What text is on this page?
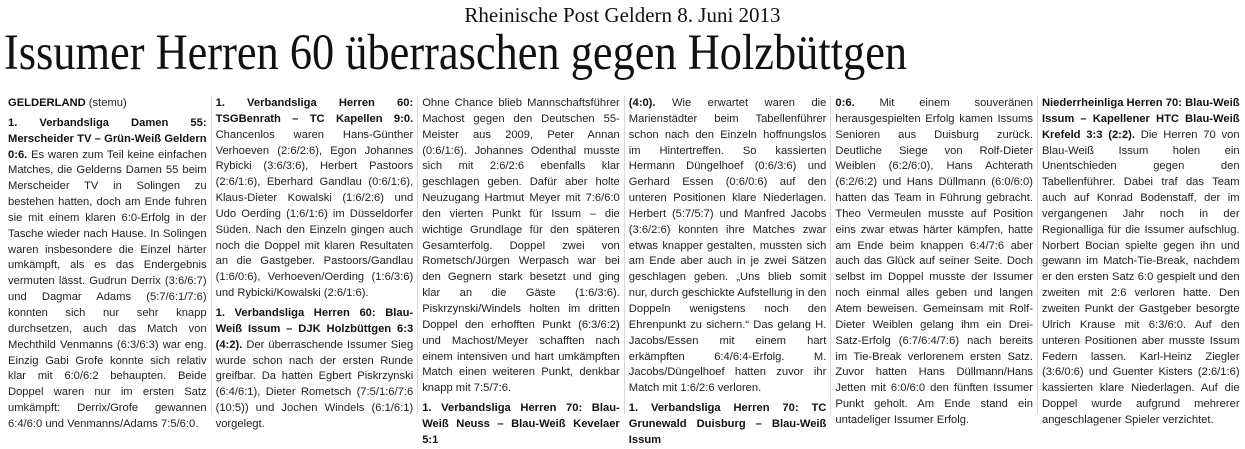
Rheinische Post Geldern 8. Juni 2013
Issumer Herren 60 überraschen gegen Holzbüttgen
GELDERLAND (stemu)
1. Verbandsliga Damen 55: Merscheider TV – Grün-Weiß Geldern 0:6. Es waren zum Teil keine einfachen Matches, die Gelderns Damen 55 beim Merscheider TV in Solingen zu bestehen hatten, doch am Ende fuhren sie mit einem klaren 6:0-Erfolg in der Tasche wieder nach Hause. In Solingen waren insbesondere die Einzel härter umkämpft, als es das Endergebnis vermuten lässt. Gudrun Derrix (3:6/6:7) und Dagmar Adams (5:7/6:1/7:6) konnten sich nur sehr knapp durchsetzen, auch das Match von Mechthild Venmanns (6:3/6:3) war eng. Einzig Gabi Grofe konnte sich relativ klar mit 6:0/6:2 behaupten. Beide Doppel waren nur im ersten Satz umkämpft: Derrix/Grofe gewannen 6:4/6:0 und Venmanns/Adams 7:5/6:0.
1. Verbandsliga Herren 60: TSGBenrath – TC Kapellen 9:0. Chancenlos waren Hans-Günther Verhoeven (2:6/2:6), Egon Johannes Rybicki (3:6/3:6), Herbert Pastoors (2:6/1:6), Eberhard Gandlau (0:6/1:6), Klaus-Dieter Kowalski (1:6/2:6) und Udo Oerding (1:6/1:6) im Düsseldorfer Süden. Nach den Einzeln gingen auch noch die Doppel mit klaren Resultaten an die Gastgeber. Pastoors/Gandlau (1:6/0:6), Verhoeven/Oerding (1:6/3:6) und Rybicki/Kowalski (2:6/1:6).
1. Verbandsliga Herren 60: Blau-Weiß Issum – DJK Holzbüttgen 6:3 (4:2). Der überraschende Issumer Sieg wurde schon nach der ersten Runde greifbar. Da hatten Egbert Piskrzynski (6:4/6:1), Dieter Rometsch (7:5/1:6/7:6 (10:5)) und Jochen Windels (6:1/6:1) vorgelegt.
Ohne Chance blieb Mannschaftsführer Machost gegen den Deutschen 55-Meister aus 2009, Peter Annan (0:6/1:6). Johannes Odenthal musste sich mit 2:6/2:6 ebenfalls klar geschlagen geben. Dafür aber holte Neuzugang Hartmut Meyer mit 7:6/6:0 den vierten Punkt für Issum – die wichtige Grundlage für den späteren Gesamterfolg. Doppel zwei von Rometsch/Jürgen Werpasch war bei den Gegnern stark besetzt und ging klar an die Gäste (1:6/3:6). Piskrzynski/Windels holten im dritten Doppel den erhofften Punkt (6:3/6:2) und Machost/Meyer schafften nach einem intensiven und hart umkämpften Match einen weiteren Punkt, denkbar knapp mit 7:5/7:6.
1. Verbandsliga Herren 70: Blau-Weiß Neuss – Blau-Weiß Kevelaer 5:1
(4:0). Wie erwartet waren die Marienstädter beim Tabellenführer schon nach den Einzeln hoffnungslos im Hintertreffen. So kassierten Hermann Düngelhoef (0:6/3:6) und Gerhard Essen (0:6/0:6) auf den unteren Positionen klare Niederlagen. Herbert (5:7/5:7) und Manfred Jacobs (3:6/2:6) konnten ihre Matches zwar etwas knapper gestalten, mussten sich am Ende aber auch in je zwei Sätzen geschlagen geben. „Uns blieb somit nur, durch geschickte Aufstellung in den Doppeln wenigstens noch den Ehrenpunkt zu sichern.“ Das gelang H. Jacobs/Essen mit einem hart erkämpften 6:4/6:4-Erfolg. M. Jacobs/Düngelhoef hatten zuvor ihr Match mit 1:6/2:6 verloren.
1. Verbandsliga Herren 70: TC Grunewald Duisburg – Blau-Weiß Issum
0:6. Mit einem souveränen herausgespielten Erfolg kamen Issums Senioren aus Duisburg zurück. Deutliche Siege von Rolf-Dieter Weiblen (6:2/6:0), Hans Achterath (6:2/6:2) und Hans Düllmann (6:0/6:0) hatten das Team in Führung gebracht. Theo Vermeulen musste auf Position eins zwar etwas härter kämpfen, hatte am Ende beim knappen 6:4/7:6 aber auch das Glück auf seiner Seite. Doch selbst im Doppel musste der Issumer noch einmal alles geben und langen Atem beweisen. Gemeinsam mit Rolf-Dieter Weiblen gelang ihm ein Drei-Satz-Erfolg (6:7/6:4/7:6) nach bereits im Tie-Break verlorenem ersten Satz. Zuvor hatten Hans Düllmann/Hans Jetten mit 6:0/6:0 den fünften Issumer Punkt geholt. Am Ende stand ein untadeliger Issumer Erfolg.
Niederrheinliga Herren 70: Blau-Weiß Issum – Kapellener HTC Blau-Weiß Krefeld 3:3 (2:2). Die Herren 70 von Blau-Weiß Issum holen ein Unentschieden gegen den Tabellenführer. Dabei traf das Team auch auf Konrad Bodenstaff, der im vergangenen Jahr noch in der Regionalliga für die Issumer aufschlug. Norbert Bocian spielte gegen ihn und gewann im Match-Tie-Break, nachdem er den ersten Satz 6:0 gespielt und den zweiten mit 2:6 verloren hatte. Den zweiten Punkt der Gastgeber besorgte Ulrich Krause mit 6:3/6:0. Auf den unteren Positionen aber musste Issum Federn lassen. Karl-Heinz Ziegler (3:6/0:6) und Guenter Kisters (2:6/1:6) kassierten klare Niederlagen. Auf die Doppel wurde aufgrund mehrerer angeschlagener Spieler verzichtet.
